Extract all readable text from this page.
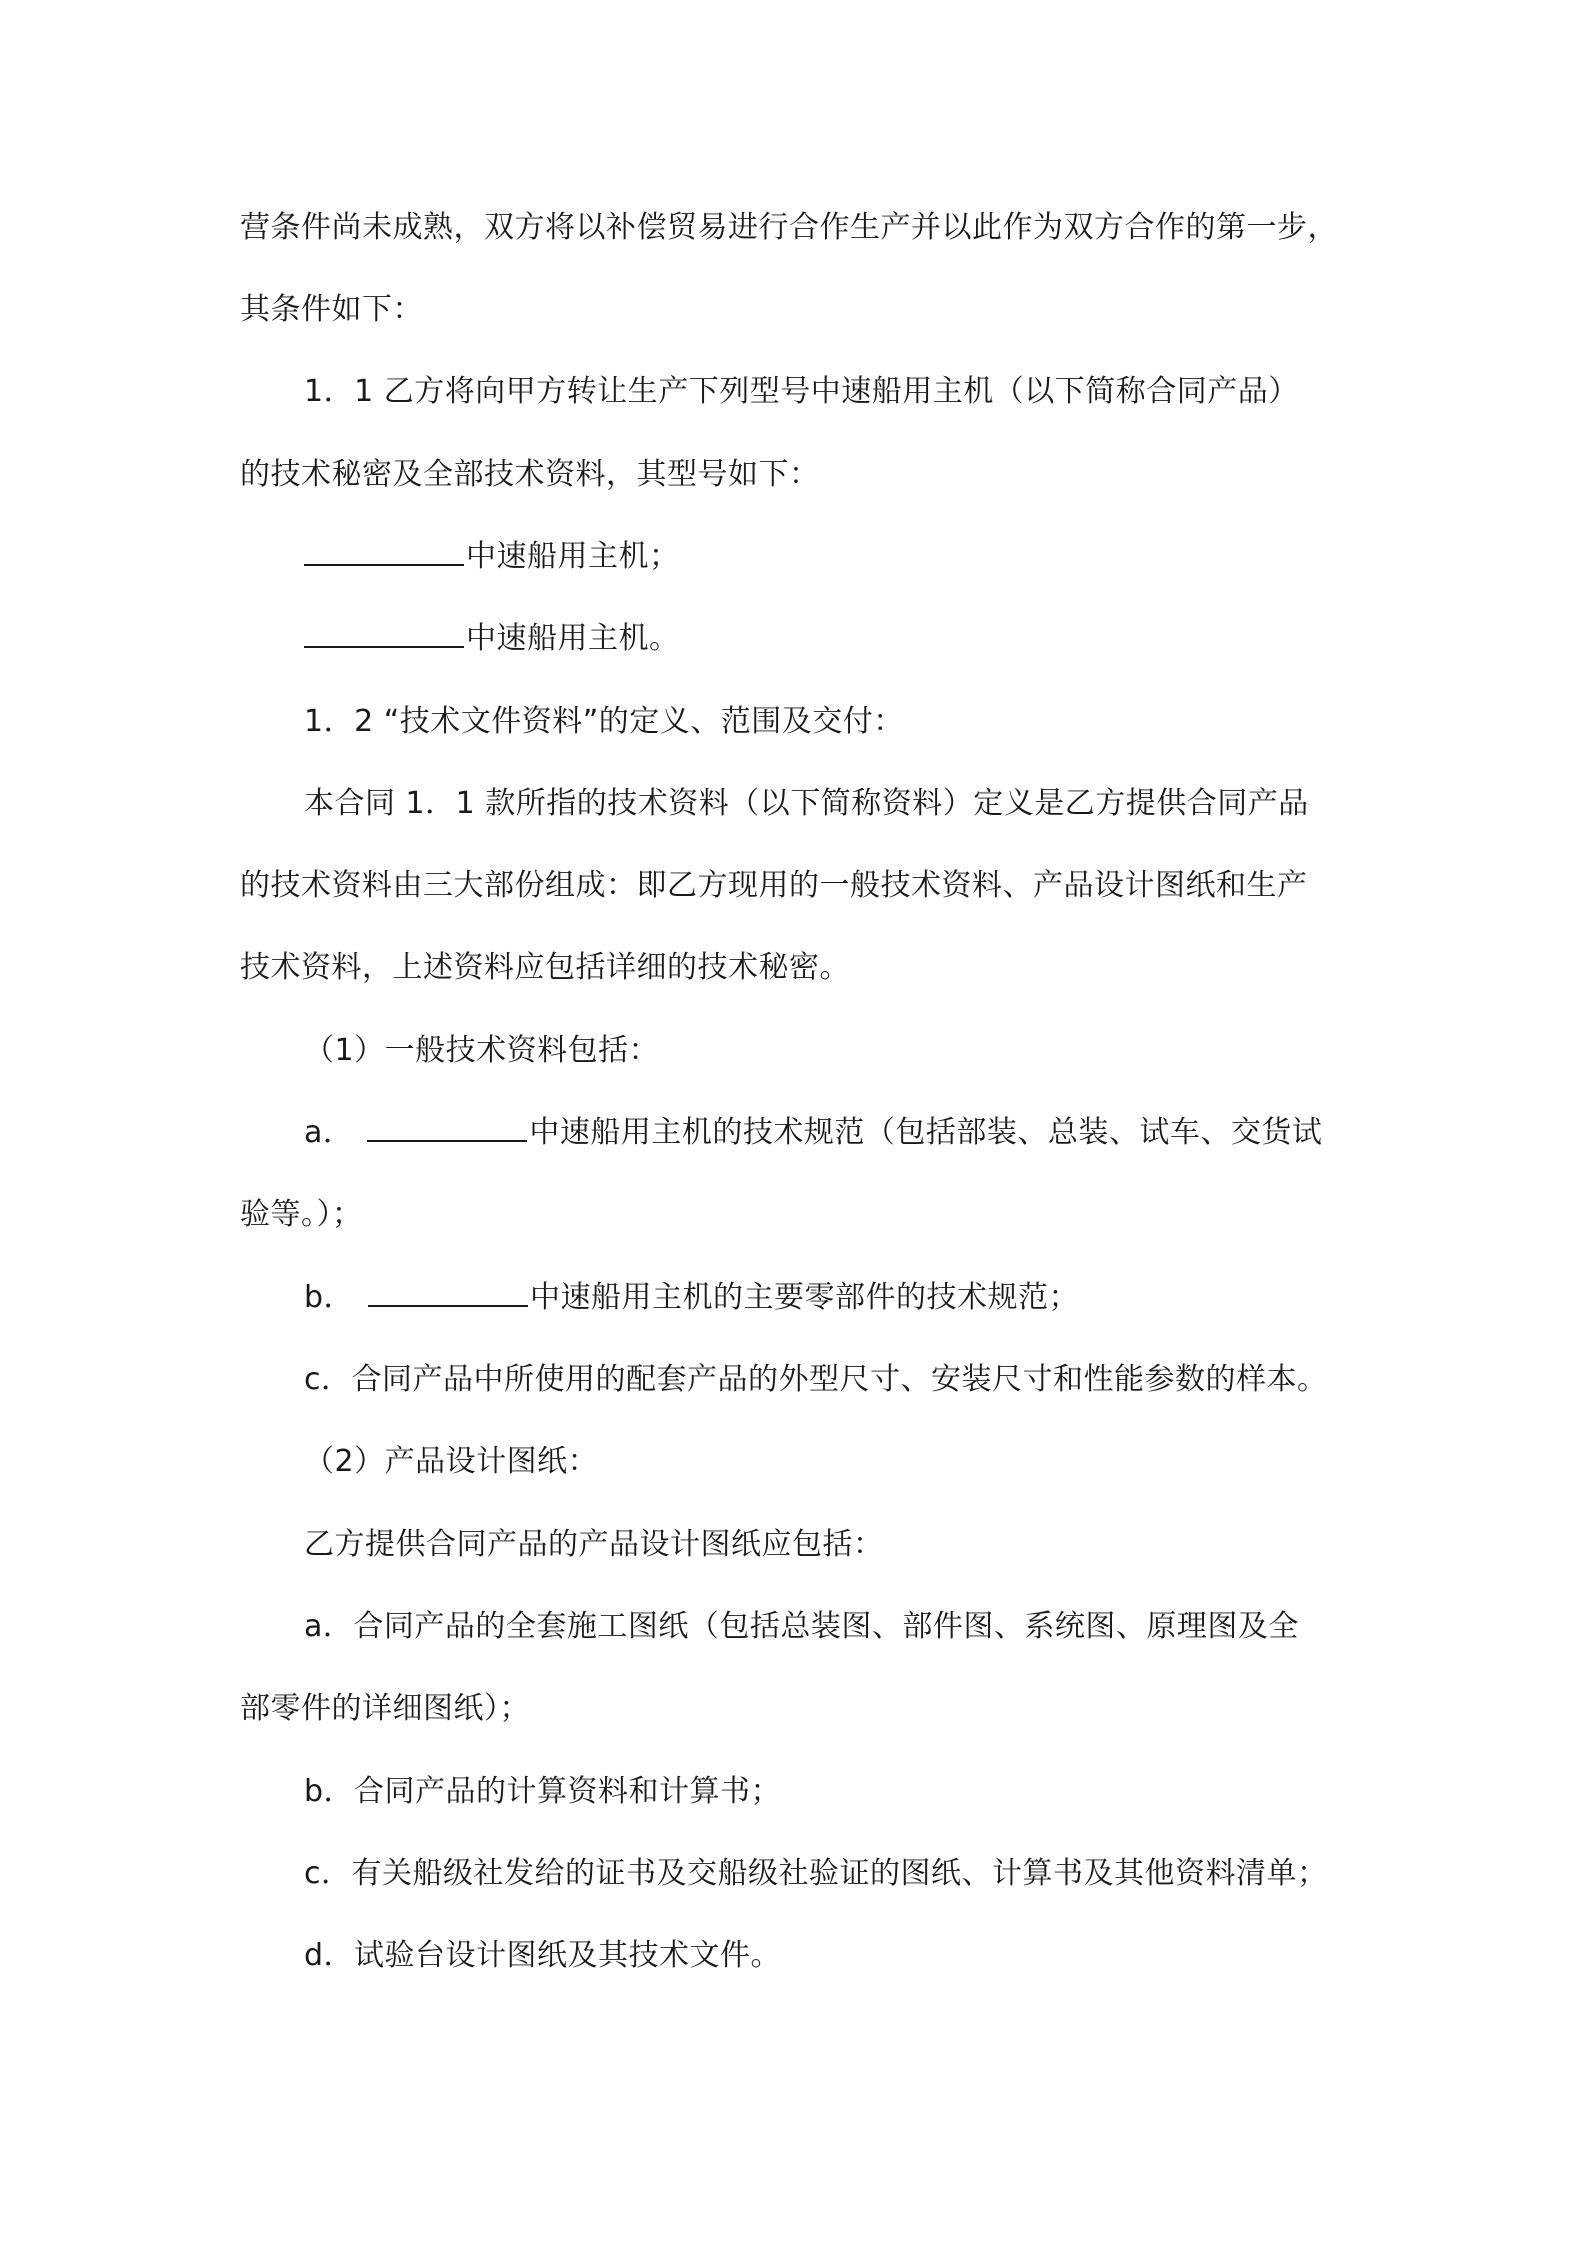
营条件尚未成熟，双方将以补偿贸易进行合作生产并以此作为双方合作的第一步，
其条件如下：
1．1 乙方将向甲方转让生产下列型号中速船用主机（以下简称合同产品）
的技术秘密及全部技术资料，其型号如下：
中速船用主机；
中速船用主机。
1．2 “技术文件资料”的定义、范围及交付：
本合同 1．1 款所指的技术资料（以下简称资料）定义是乙方提供合同产品
的技术资料由三大部份组成：即乙方现用的一般技术资料、产品设计图纸和生产
技术资料，上述资料应包括详细的技术秘密。
（1）一般技术资料包括：
a．	中速船用主机的技术规范（包括部装、总装、试车、交货试
验等。）；
b．	中速船用主机的主要零部件的技术规范；
c．合同产品中所使用的配套产品的外型尺寸、安装尺寸和性能参数的样本。
（2）产品设计图纸：
乙方提供合同产品的产品设计图纸应包括：
a．合同产品的全套施工图纸（包括总装图、部件图、系统图、原理图及全
部零件的详细图纸）；
b．合同产品的计算资料和计算书；
c．有关船级社发给的证书及交船级社验证的图纸、计算书及其他资料清单；
d．试验台设计图纸及其技术文件。
